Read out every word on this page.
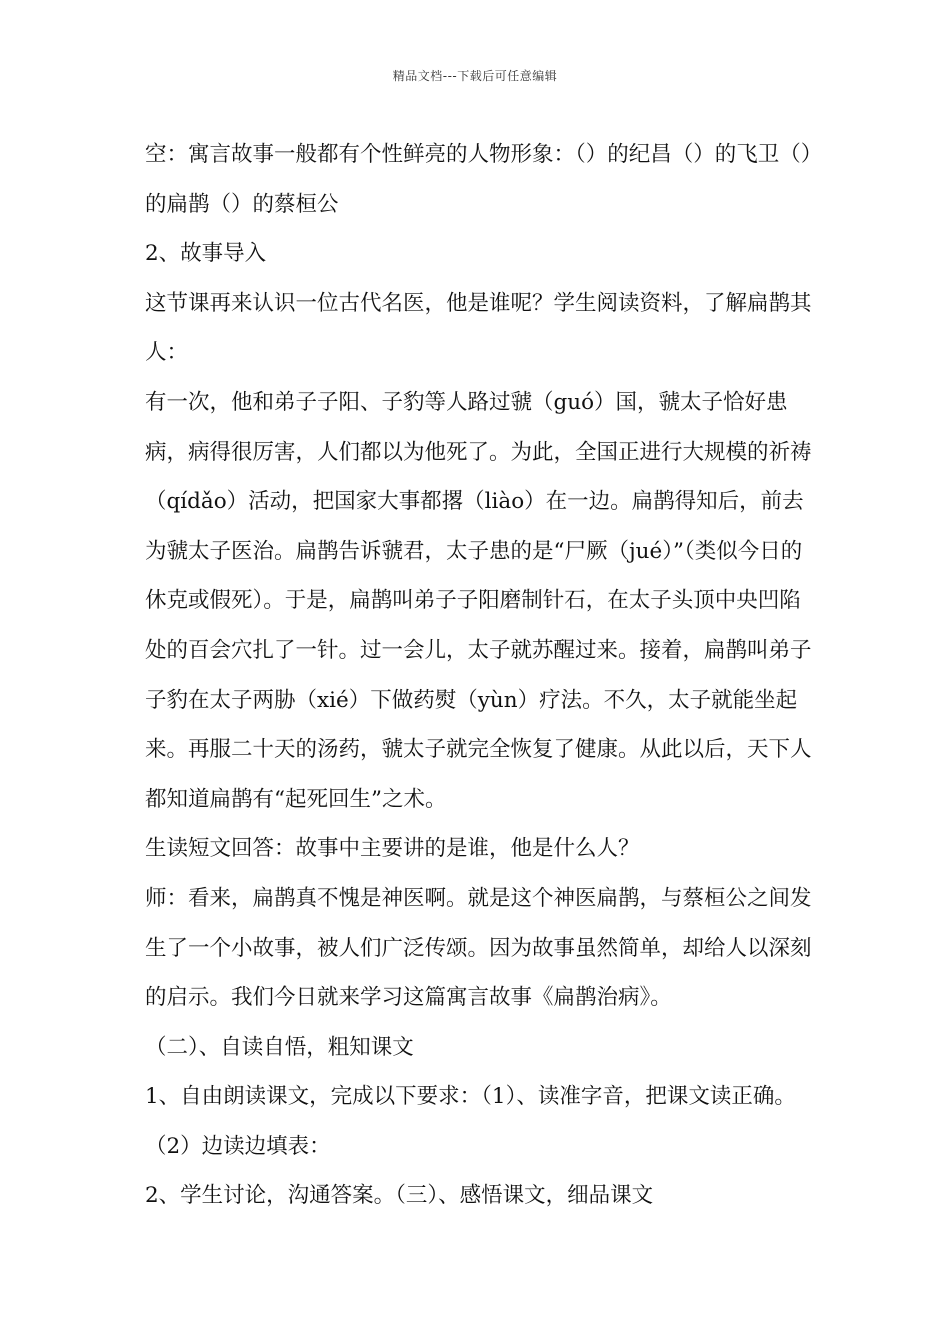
精品文档---下载后可任意编辑

空：寓言故事一般都有个性鲜亮的人物形象：（）的纪昌（）的飞卫（）的扁鹊（）的蔡桓公

2、故事导入

这节课再来认识一位古代名医，他是谁呢？学生阅读资料，了解扁鹊其人：

有一次，他和弟子子阳、子豹等人路过虢（guó）国，虢太子恰好患病，病得很厉害，人们都以为他死了。为此，全国正进行大规模的祈祷（qídǎo）活动，把国家大事都撂（liào）在一边。扁鹊得知后，前去为虢太子医治。扁鹊告诉虢君，太子患的是“尸厥（jué）”（类似今日的休克或假死）。于是，扁鹊叫弟子子阳磨制针石，在太子头顶中央凹陷处的百会穴扎了一针。过一会儿，太子就苏醒过来。接着，扁鹊叫弟子子豹在太子两胁（xié）下做药熨（yùn）疗法。不久，太子就能坐起来。再服二十天的汤药，虢太子就完全恢复了健康。从此以后，天下人都知道扁鹊有“起死回生”之术。

生读短文回答：故事中主要讲的是谁，他是什么人？

师：看来，扁鹊真不愧是神医啊。就是这个神医扁鹊，与蔡桓公之间发生了一个小故事，被人们广泛传颂。因为故事虽然简单，却给人以深刻的启示。我们今日就来学习这篇寓言故事《扁鹊治病》。

（二）、自读自悟，粗知课文

1、自由朗读课文，完成以下要求：（1）、读准字音，把课文读正确。（2）边读边填表：

2、学生讨论，沟通答案。（三）、感悟课文，细品课文
